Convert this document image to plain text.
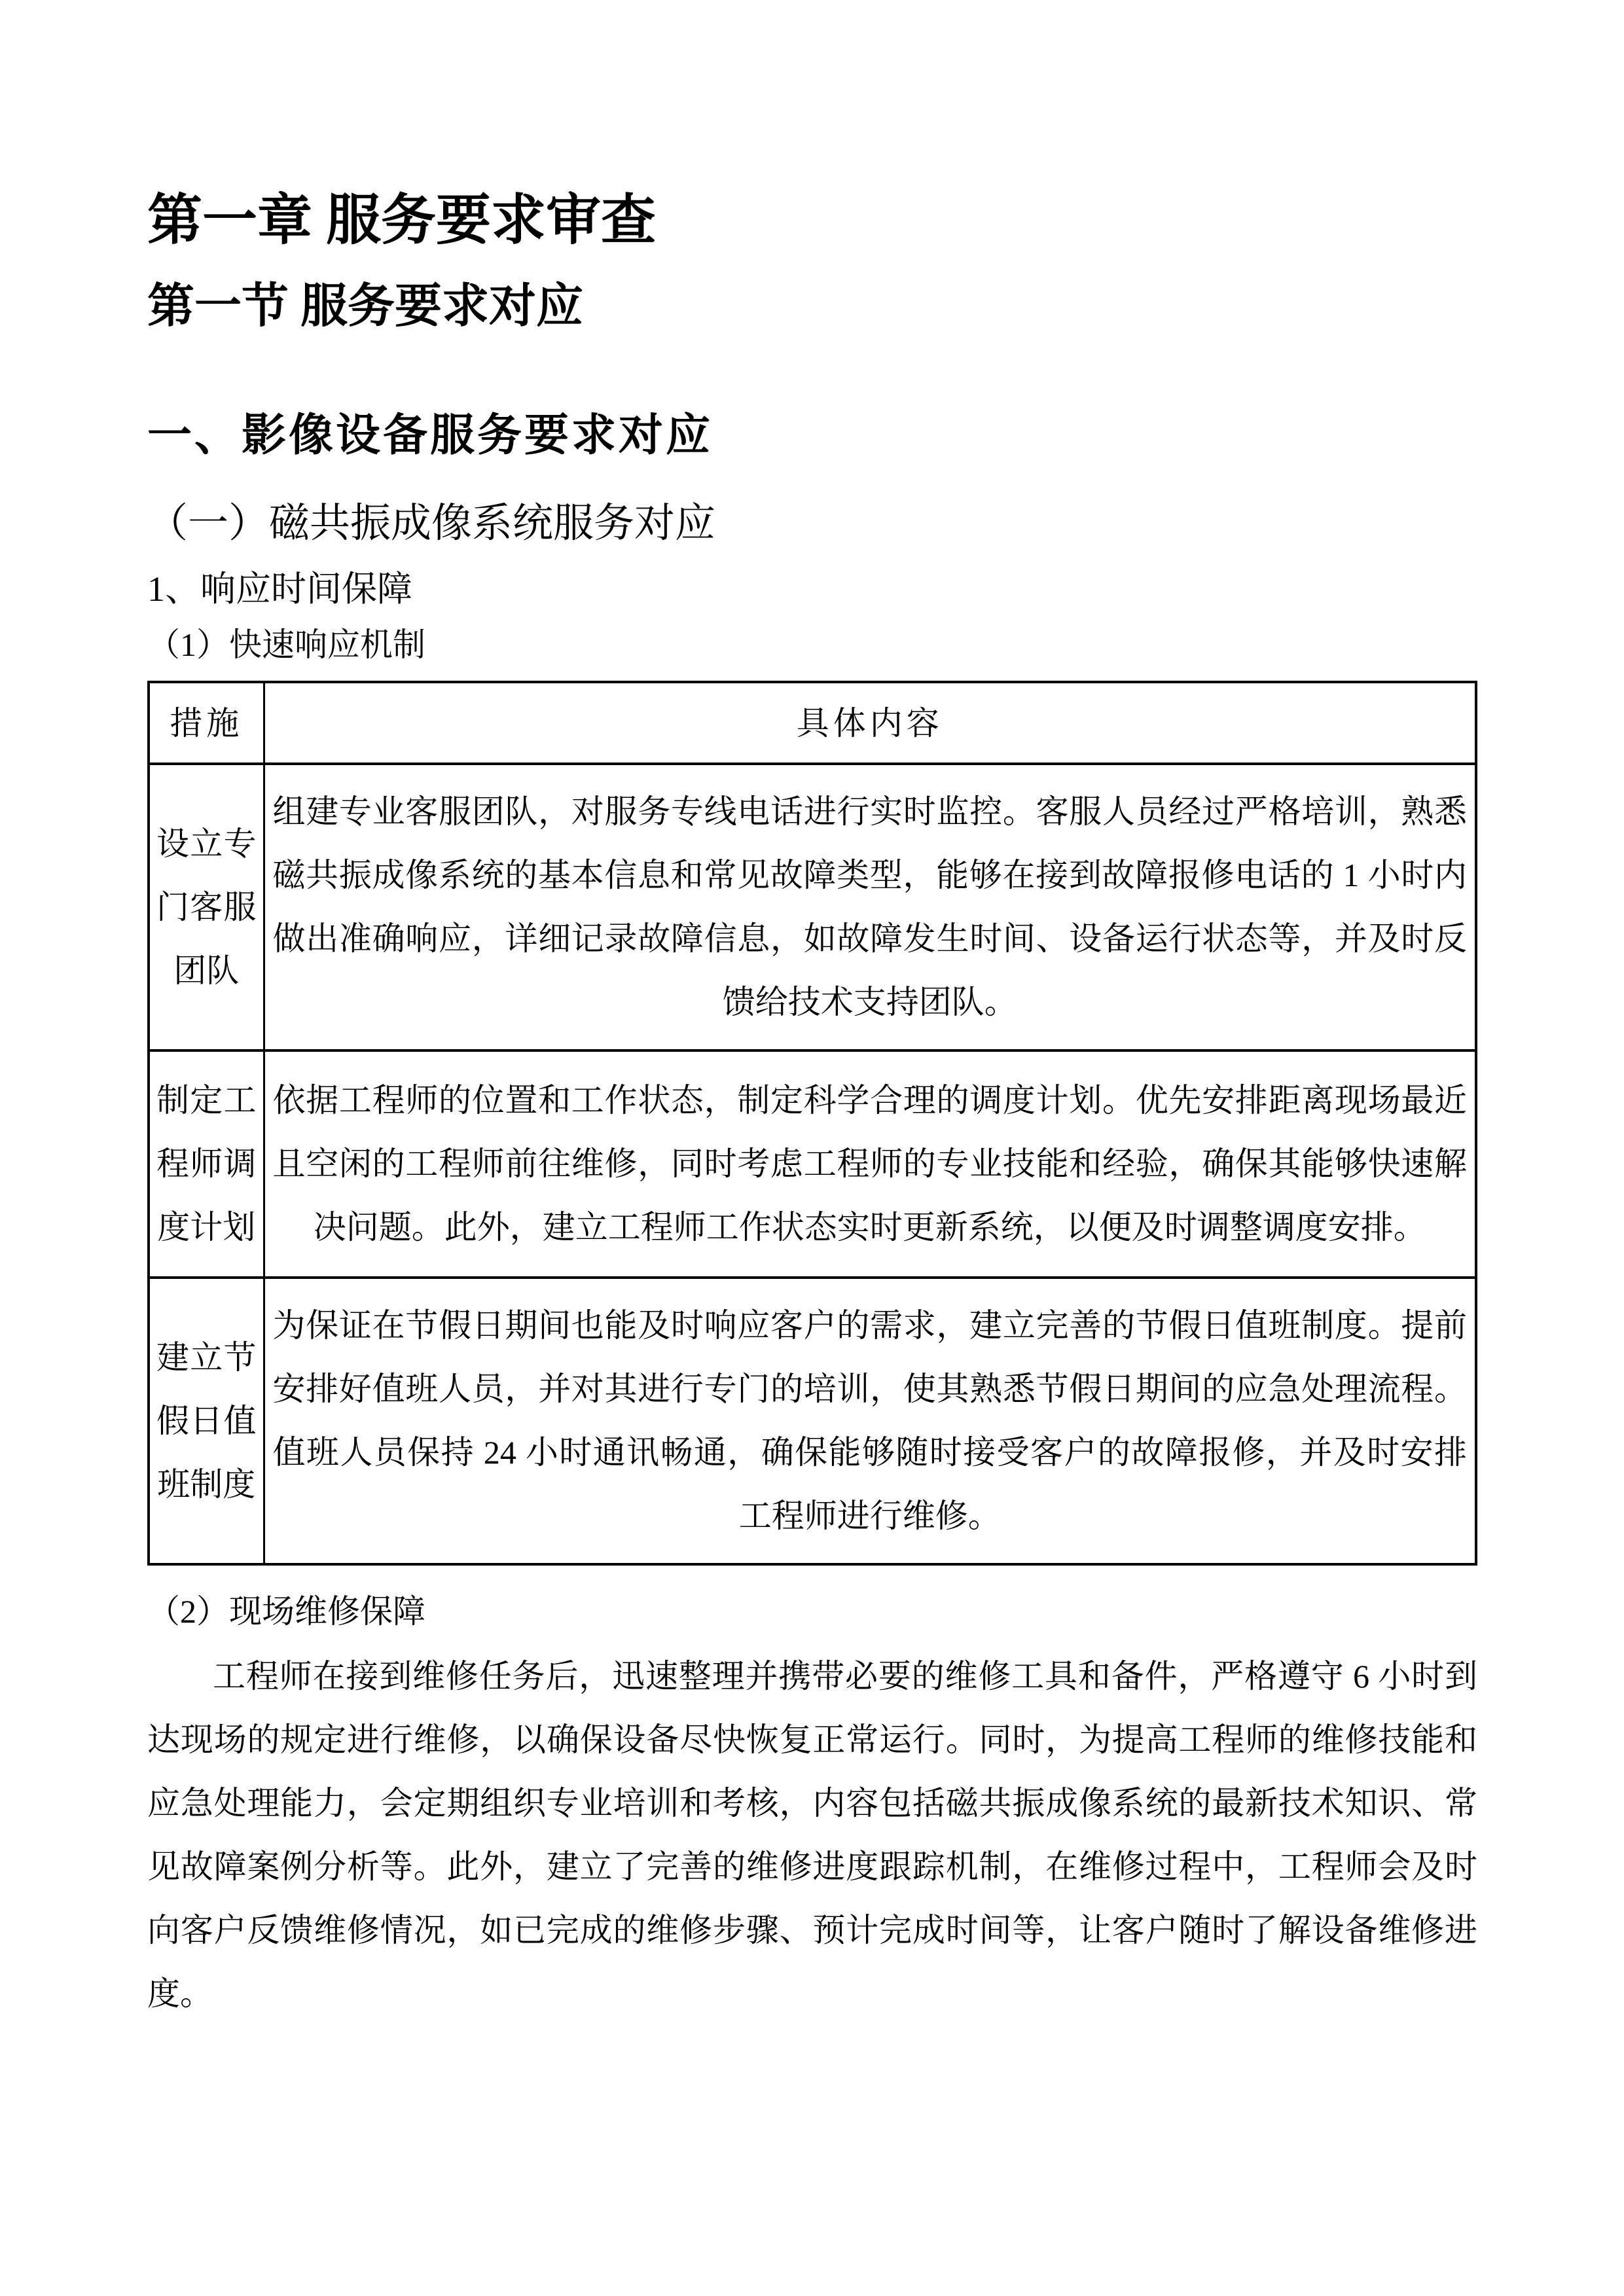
第一章 服务要求审查
第一节 服务要求对应
一、影像设备服务要求对应
（一）磁共振成像系统服务对应
1、响应时间保障
（1）快速响应机制
措施	具体内容
设立专门客服团队	组建专业客服团队，对服务专线电话进行实时监控。客服人员经过严格培训，熟悉磁共振成像系统的基本信息和常见故障类型，能够在接到故障报修电话的 1 小时内做出准确响应，详细记录故障信息，如故障发生时间、设备运行状态等，并及时反馈给技术支持团队。
制定工程师调度计划	依据工程师的位置和工作状态，制定科学合理的调度计划。优先安排距离现场最近且空闲的工程师前往维修，同时考虑工程师的专业技能和经验，确保其能够快速解决问题。此外，建立工程师工作状态实时更新系统，以便及时调整调度安排。
建立节假日值班制度	为保证在节假日期间也能及时响应客户的需求，建立完善的节假日值班制度。提前安排好值班人员，并对其进行专门的培训，使其熟悉节假日期间的应急处理流程。值班人员保持 24 小时通讯畅通，确保能够随时接受客户的故障报修，并及时安排工程师进行维修。
（2）现场维修保障

工程师在接到维修任务后，迅速整理并携带必要的维修工具和备件，严格遵守 6 小时到达现场的规定进行维修，以确保设备尽快恢复正常运行。同时，为提高工程师的维修技能和应急处理能力，会定期组织专业培训和考核，内容包括磁共振成像系统的最新技术知识、常见故障案例分析等。此外，建立了完善的维修进度跟踪机制，在维修过程中，工程师会及时向客户反馈维修情况，如已完成的维修步骤、预计完成时间等，让客户随时了解设备维修进度。
